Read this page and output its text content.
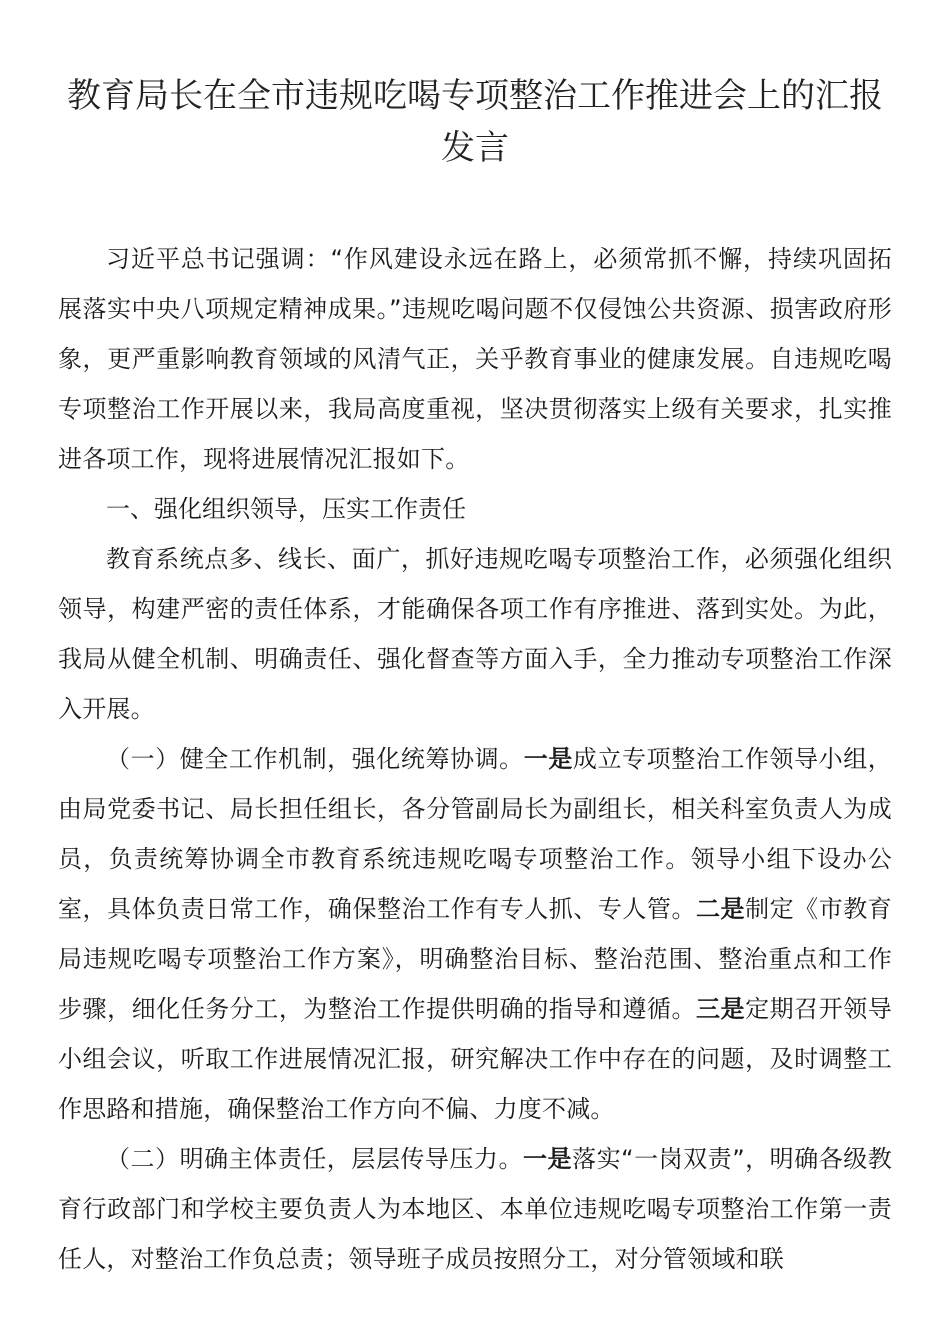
教育局长在全市违规吃喝专项整治工作推进会上的汇报发言

习近平总书记强调：“作风建设永远在路上，必须常抓不懈，持续巩固拓展落实中央八项规定精神成果。”违规吃喝问题不仅侵蚀公共资源、损害政府形象，更严重影响教育领域的风清气正，关乎教育事业的健康发展。自违规吃喝专项整治工作开展以来，我局高度重视，坚决贯彻落实上级有关要求，扎实推进各项工作，现将进展情况汇报如下。

一、强化组织领导，压实工作责任

教育系统点多、线长、面广，抓好违规吃喝专项整治工作，必须强化组织领导，构建严密的责任体系，才能确保各项工作有序推进、落到实处。为此，我局从健全机制、明确责任、强化督查等方面入手，全力推动专项整治工作深入开展。

（一）健全工作机制，强化统筹协调。一是成立专项整治工作领导小组，由局党委书记、局长担任组长，各分管副局长为副组长，相关科室负责人为成员，负责统筹协调全市教育系统违规吃喝专项整治工作。领导小组下设办公室，具体负责日常工作，确保整治工作有专人抓、专人管。二是制定《市教育局违规吃喝专项整治工作方案》，明确整治目标、整治范围、整治重点和工作步骤，细化任务分工，为整治工作提供明确的指导和遵循。三是定期召开领导小组会议，听取工作进展情况汇报，研究解决工作中存在的问题，及时调整工作思路和措施，确保整治工作方向不偏、力度不减。

（二）明确主体责任，层层传导压力。一是落实“一岗双责”，明确各级教育行政部门和学校主要负责人为本地区、本单位违规吃喝专项整治工作第一责任人，对整治工作负总责；领导班子成员按照分工，对分管领域和联
